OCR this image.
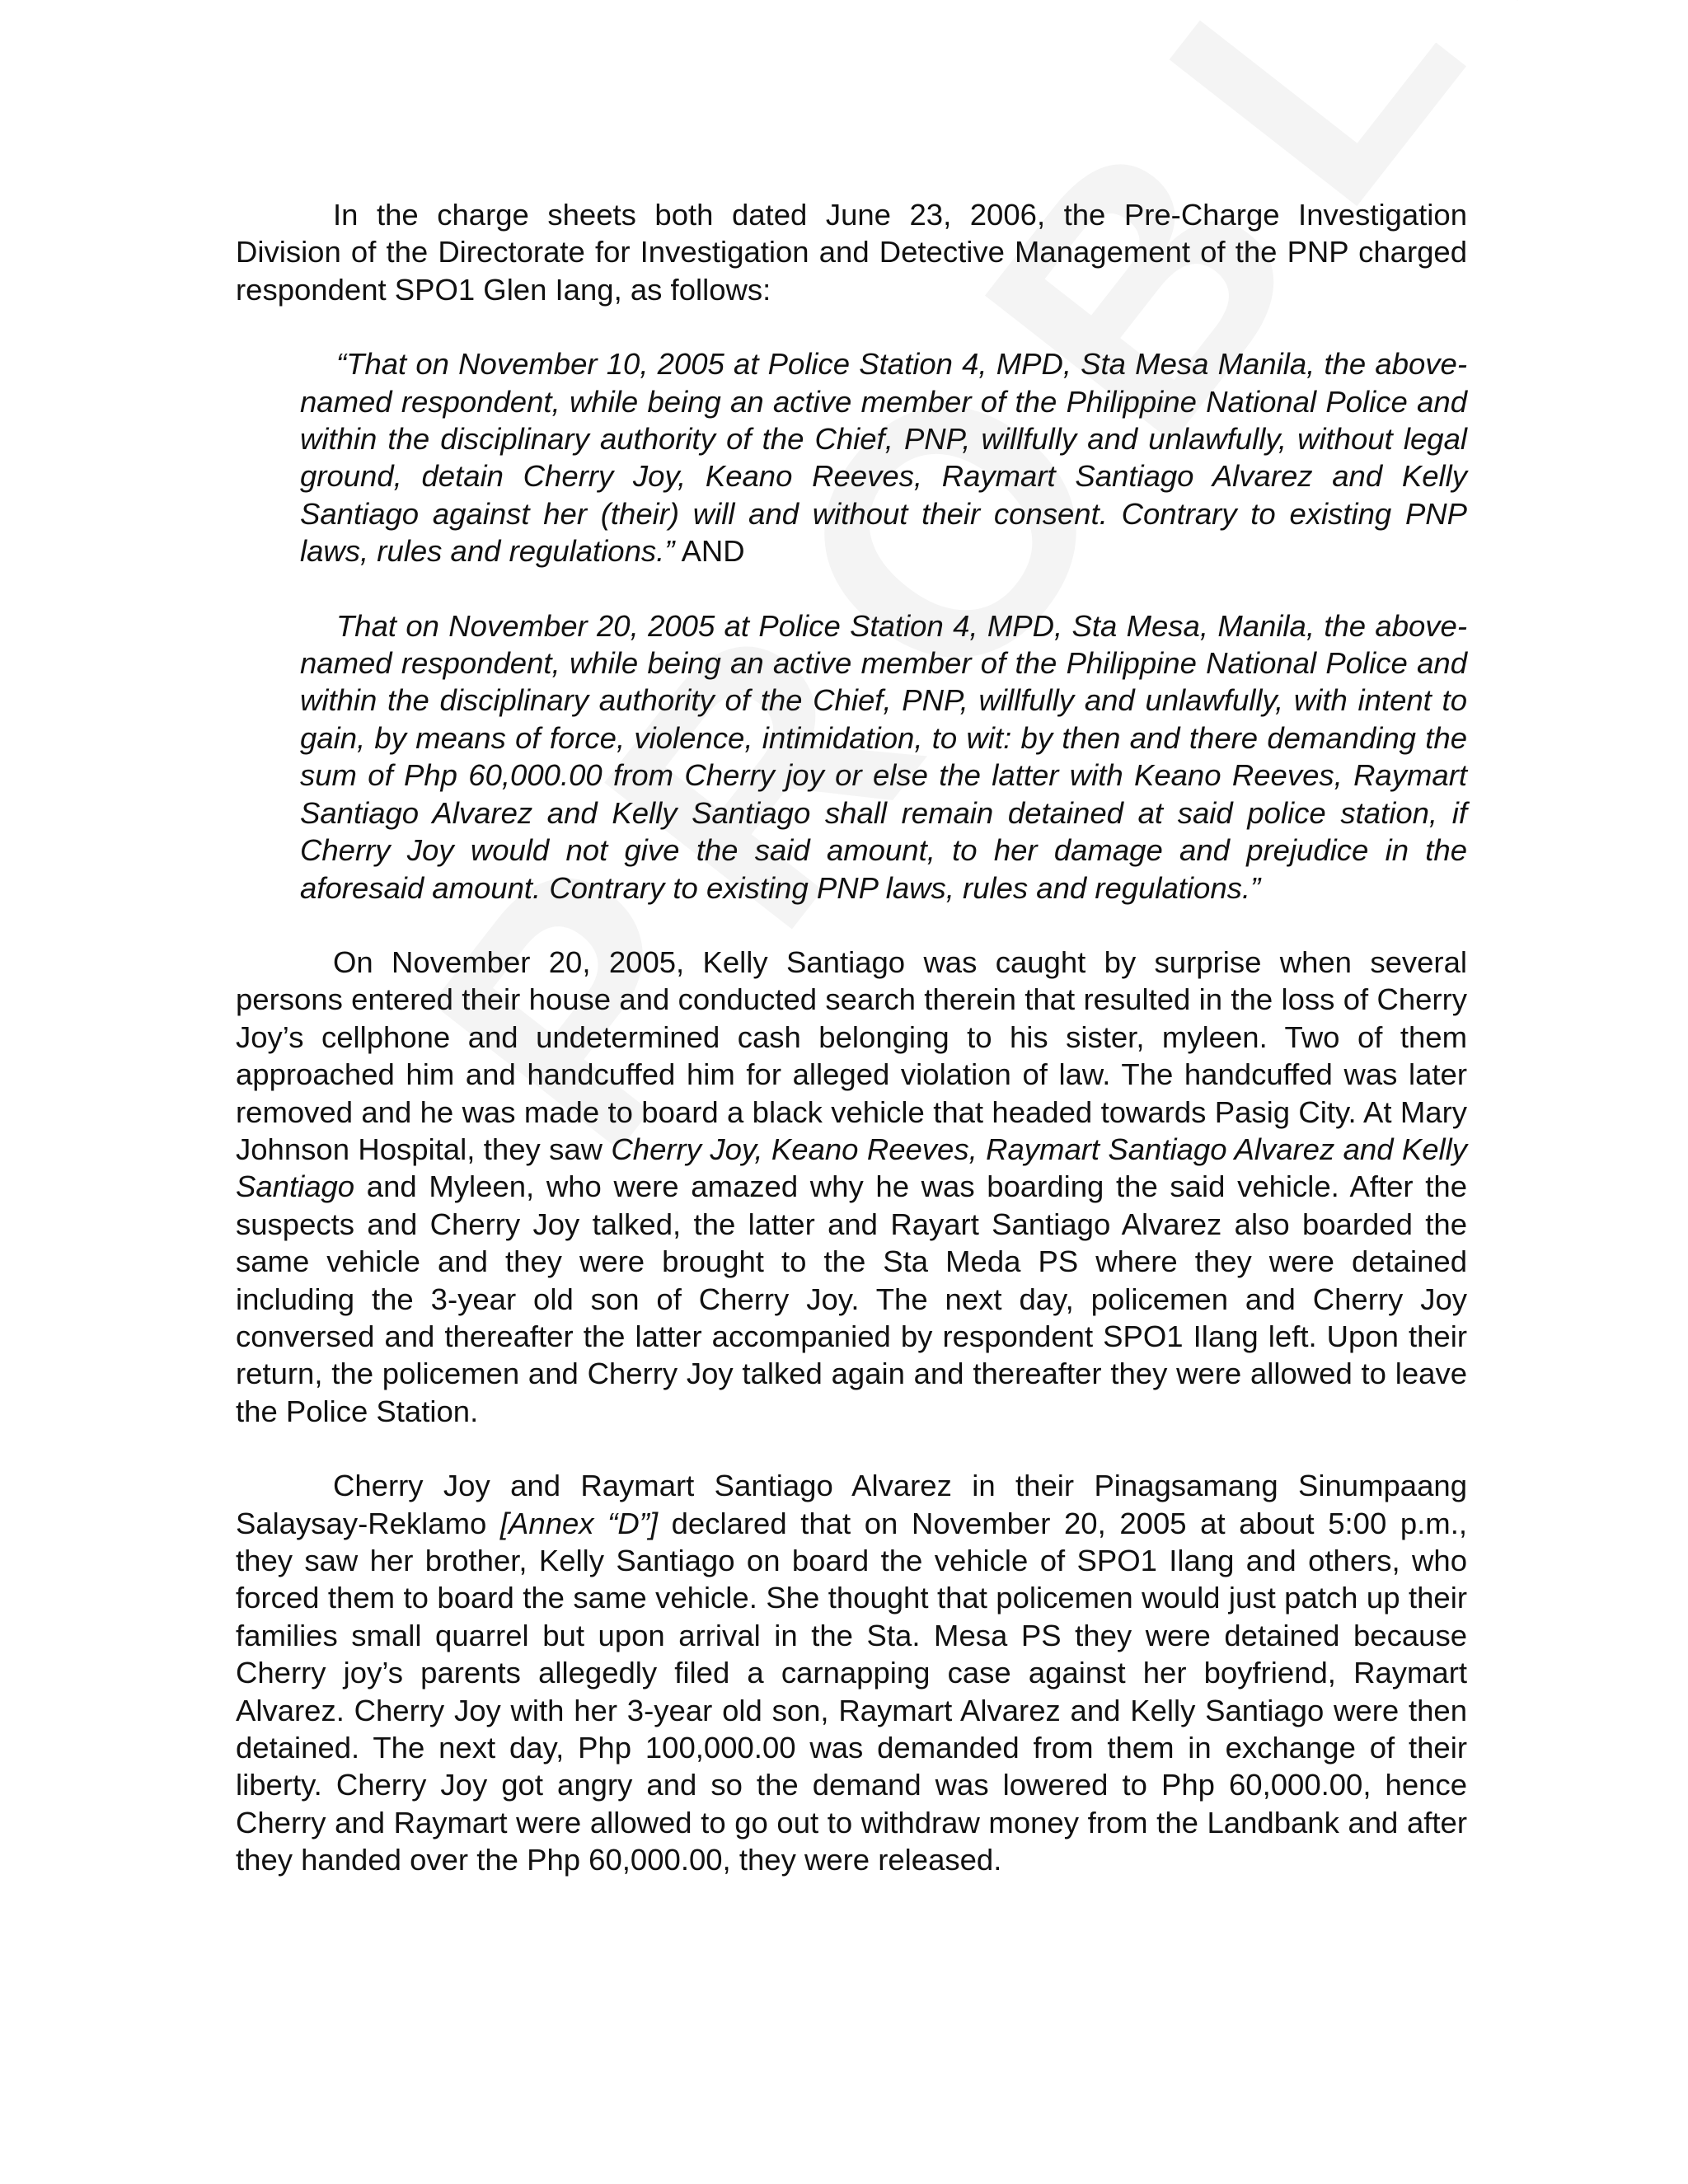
In the charge sheets both dated June 23, 2006, the Pre-Charge Investigation Division of the Directorate for Investigation and Detective Management of the PNP charged respondent SPO1 Glen Iang, as follows:

“That on November 10, 2005 at Police Station 4, MPD, Sta Mesa Manila, the above-named respondent, while being an active member of the Philippine National Police and within the disciplinary authority of the Chief, PNP, willfully and unlawfully, without legal ground, detain Cherry Joy, Keano Reeves, Raymart Santiago Alvarez and Kelly Santiago against her (their) will and without their consent. Contrary to existing PNP laws, rules and regulations.” AND

That on November 20, 2005 at Police Station 4, MPD, Sta Mesa, Manila, the above-named respondent, while being an active member of the Philippine National Police and within the disciplinary authority of the Chief, PNP, willfully and unlawfully, with intent to gain, by means of force, violence, intimidation, to wit: by then and there demanding the sum of Php 60,000.00 from Cherry joy or else the latter with Keano Reeves, Raymart Santiago Alvarez and Kelly Santiago shall remain detained at said police station, if Cherry Joy would not give the said amount, to her damage and prejudice in the aforesaid amount. Contrary to existing PNP laws, rules and regulations.”

On November 20, 2005, Kelly Santiago was caught by surprise when several persons entered their house and conducted search therein that resulted in the loss of Cherry Joy’s cellphone and undetermined cash belonging to his sister, myleen. Two of them approached him and handcuffed him for alleged violation of law. The handcuffed was later removed and he was made to board a black vehicle that headed towards Pasig City. At Mary Johnson Hospital, they saw Cherry Joy, Keano Reeves, Raymart Santiago Alvarez and Kelly Santiago and Myleen, who were amazed why he was boarding the said vehicle. After the suspects and Cherry Joy talked, the latter and Rayart Santiago Alvarez also boarded the same vehicle and they were brought to the Sta Meda PS where they were detained including the 3-year old son of Cherry Joy. The next day, policemen and Cherry Joy conversed and thereafter the latter accompanied by respondent SPO1 Ilang left. Upon their return, the policemen and Cherry Joy talked again and thereafter they were allowed to leave the Police Station.

Cherry Joy and Raymart Santiago Alvarez in their Pinagsamang Sinumpaang Salaysay-Reklamo [Annex “D”] declared that on November 20, 2005 at about 5:00 p.m., they saw her brother, Kelly Santiago on board the vehicle of SPO1 Ilang and others, who forced them to board the same vehicle. She thought that policemen would just patch up their families small quarrel but upon arrival in the Sta. Mesa PS they were detained because Cherry joy’s parents allegedly filed a carnapping case against her boyfriend, Raymart Alvarez. Cherry Joy with her 3-year old son, Raymart Alvarez and Kelly Santiago were then detained. The next day, Php 100,000.00 was demanded from them in exchange of their liberty. Cherry Joy got angry and so the demand was lowered to Php 60,000.00, hence Cherry and Raymart were allowed to go out to withdraw money from the Landbank and after they handed over the Php 60,000.00, they were released.
